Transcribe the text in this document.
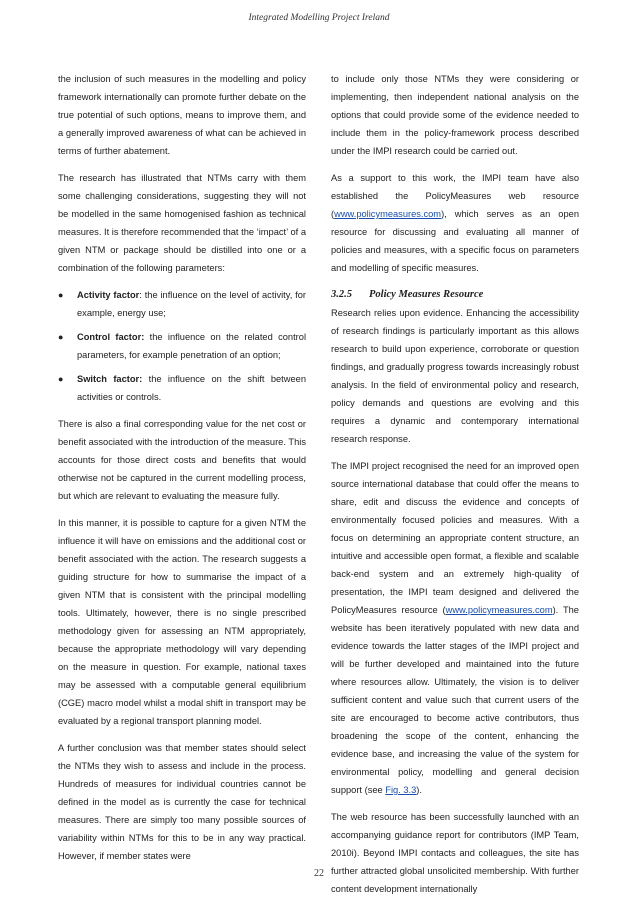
Integrated Modelling Project Ireland

the inclusion of such measures in the modelling and policy framework internationally can promote further debate on the true potential of such options, means to improve them, and a generally improved awareness of what can be achieved in terms of further abatement.

The research has illustrated that NTMs carry with them some challenging considerations, suggesting they will not be modelled in the same homogenised fashion as technical measures. It is therefore recommended that the ‘impact’ of a given NTM or package should be distilled into one or a combination of the following parameters:

● Activity factor: the influence on the level of activity, for example, energy use;
● Control factor: the influence on the related control parameters, for example penetration of an option;
● Switch factor: the influence on the shift between activities or controls.

There is also a final corresponding value for the net cost or benefit associated with the introduction of the measure. This accounts for those direct costs and benefits that would otherwise not be captured in the current modelling process, but which are relevant to evaluating the measure fully.

In this manner, it is possible to capture for a given NTM the influence it will have on emissions and the additional cost or benefit associated with the action. The research suggests a guiding structure for how to summarise the impact of a given NTM that is consistent with the principal modelling tools. Ultimately, however, there is no single prescribed methodology given for assessing an NTM appropriately, because the appropriate methodology will vary depending on the measure in question. For example, national taxes may be assessed with a computable general equilibrium (CGE) macro model whilst a modal shift in transport may be evaluated by a regional transport planning model.

A further conclusion was that member states should select the NTMs they wish to assess and include in the process. Hundreds of measures for individual countries cannot be defined in the model as is currently the case for technical measures. There are simply too many possible sources of variability within NTMs for this to be in any way practical. However, if member states were

to include only those NTMs they were considering or implementing, then independent national analysis on the options that could provide some of the evidence needed to include them in the policy-framework process described under the IMPI research could be carried out.

As a support to this work, the IMPI team have also established the PolicyMeasures web resource (www.policymeasures.com), which serves as an open resource for discussing and evaluating all manner of policies and measures, with a specific focus on parameters and modelling of specific measures.

3.2.5 Policy Measures Resource

Research relies upon evidence. Enhancing the accessibility of research findings is particularly important as this allows research to build upon experience, corroborate or question findings, and gradually progress towards increasingly robust analysis. In the field of environmental policy and research, policy demands and questions are evolving and this requires a dynamic and contemporary international research response.

The IMPI project recognised the need for an improved open source international database that could offer the means to share, edit and discuss the evidence and concepts of environmentally focused policies and measures. With a focus on determining an appropriate content structure, an intuitive and accessible open format, a flexible and scalable back-end system and an extremely high-quality of presentation, the IMPI team designed and delivered the PolicyMeasures resource (www.policymeasures.com). The website has been iteratively populated with new data and evidence towards the latter stages of the IMPI project and will be further developed and maintained into the future where resources allow. Ultimately, the vision is to deliver sufficient content and value such that current users of the site are encouraged to become active contributors, thus broadening the scope of the content, enhancing the evidence base, and increasing the value of the system for environmental policy, modelling and general decision support (see Fig. 3.3).

The web resource has been successfully launched with an accompanying guidance report for contributors (IMP Team, 2010i). Beyond IMPI contacts and colleagues, the site has further attracted global unsolicited membership. With further content development internationally

22
